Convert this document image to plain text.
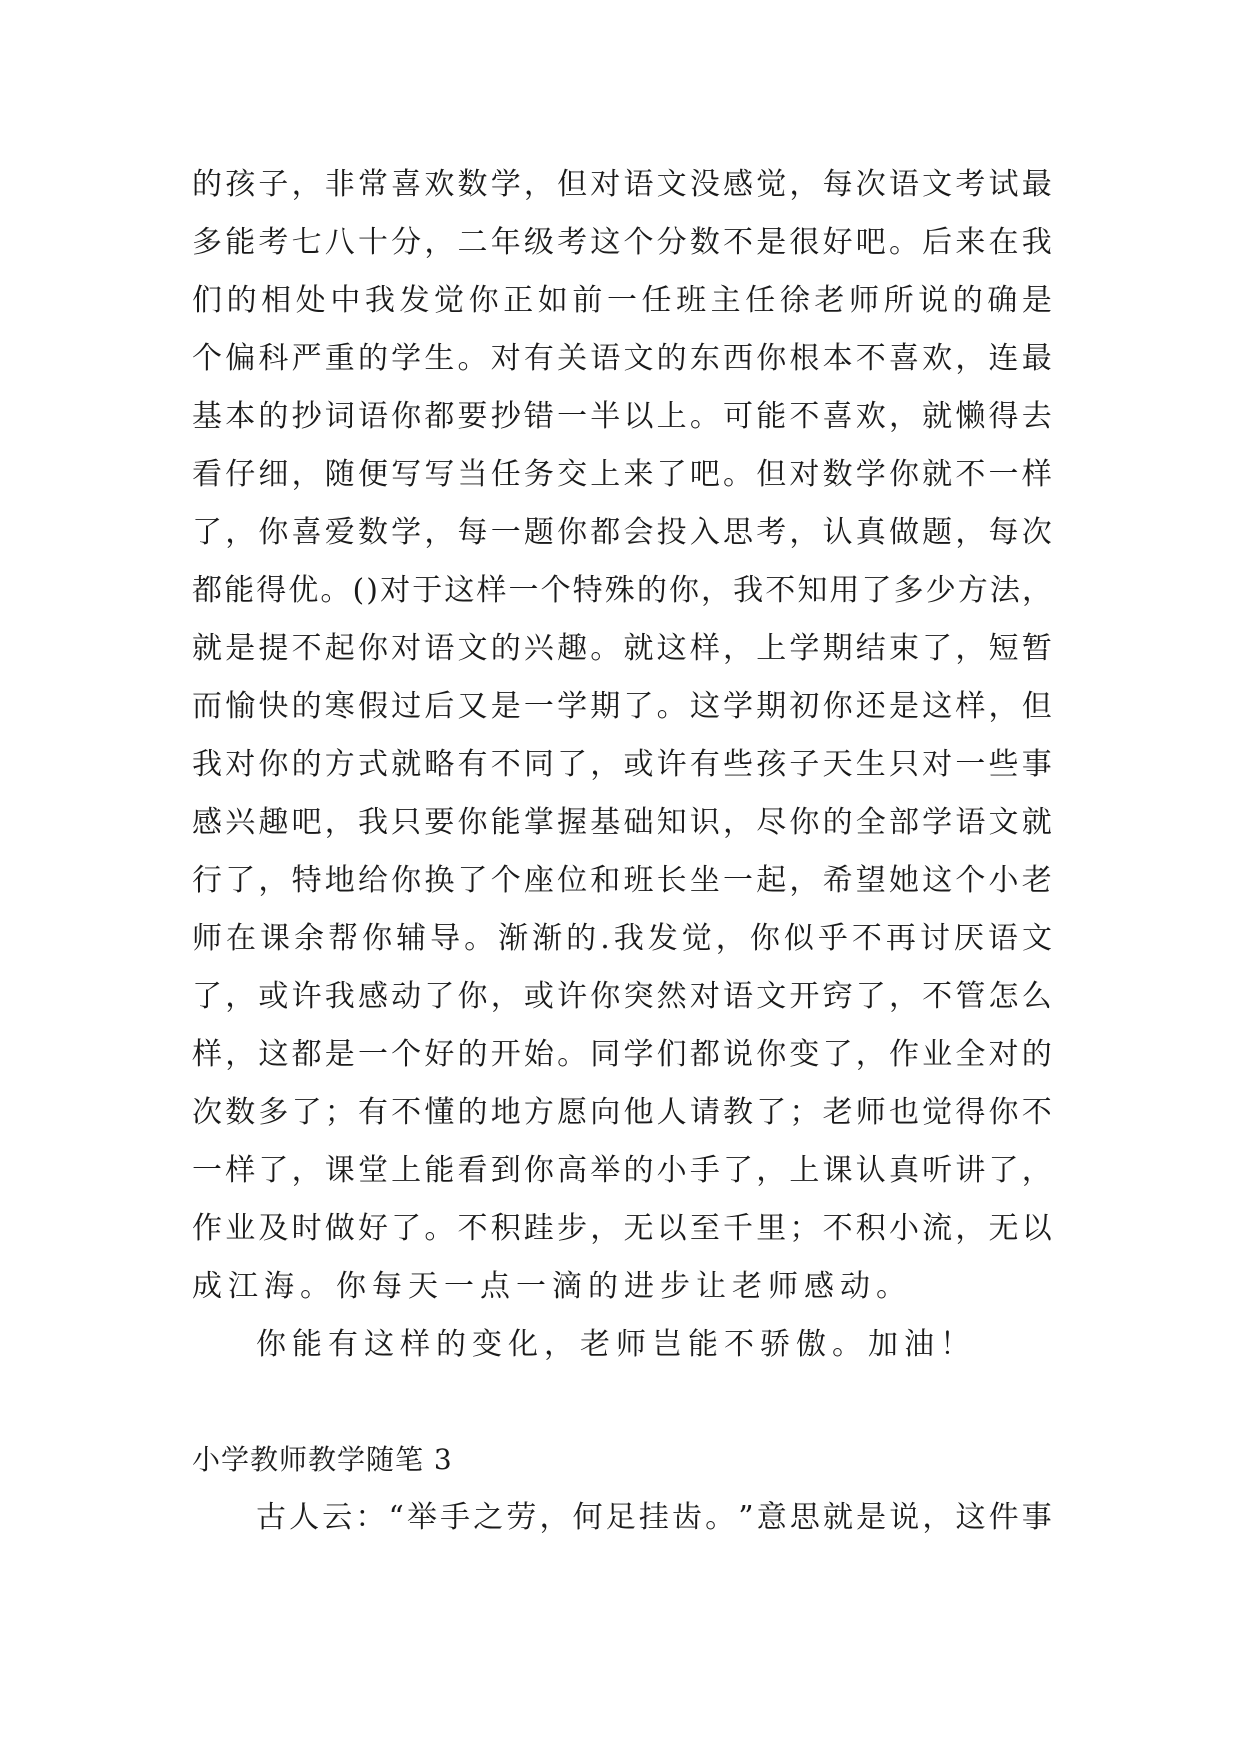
的 孩 子 ， 非 常 喜 欢 数 学 ， 但 对 语 文 没 感 觉 ， 每 次 语 文 考 试 最
多 能 考 七 八 十 分 ， 二 年 级 考 这 个 分 数 不 是 很 好 吧 。 后 来 在 我
们 的 相 处 中 我 发 觉 你 正 如 前 一 任 班 主 任 徐 老 师 所 说 的 确 是
个 偏 科 严 重 的 学 生 。 对 有 关 语 文 的 东 西 你 根 本 不 喜 欢 ， 连 最
基 本 的 抄 词 语 你 都 要 抄 错 一 半 以 上 。 可 能 不 喜 欢 ， 就 懒 得 去
看 仔 细 ， 随 便 写 写 当 任 务 交 上 来 了 吧 。 但 对 数 学 你 就 不 一 样
了 ， 你 喜 爱 数 学 ， 每 一 题 你 都 会 投 入 思 考 ， 认 真 做 题 ， 每 次
都 能 得 优 。 ( ) 对 于 这 样 一 个 特 殊 的 你 ， 我 不 知 用 了 多 少 方 法 ，
就 是 提 不 起 你 对 语 文 的 兴 趣 。 就 这 样 ， 上 学 期 结 束 了 ， 短 暂
而 愉 快 的 寒 假 过 后 又 是 一 学 期 了 。 这 学 期 初 你 还 是 这 样 ， 但
我 对 你 的 方 式 就 略 有 不 同 了 ， 或 许 有 些 孩 子 天 生 只 对 一 些 事
感 兴 趣 吧 ， 我 只 要 你 能 掌 握 基 础 知 识 ， 尽 你 的 全 部 学 语 文 就
行 了 ， 特 地 给 你 换 了 个 座 位 和 班 长 坐 一 起 ， 希 望 她 这 个 小 老
师 在 课 余 帮 你 辅 导 。 渐 渐 的 . 我 发 觉 ， 你 似 乎 不 再 讨 厌 语 文
了 ， 或 许 我 感 动 了 你 ， 或 许 你 突 然 对 语 文 开 窍 了 ， 不 管 怎 么
样 ， 这 都 是 一 个 好 的 开 始 。 同 学 们 都 说 你 变 了 ， 作 业 全 对 的
次 数 多 了 ； 有 不 懂 的 地 方 愿 向 他 人 请 教 了 ； 老 师 也 觉 得 你 不
一 样 了 ， 课 堂 上 能 看 到 你 高 举 的 小 手 了 ， 上 课 认 真 听 讲 了 ，
作 业 及 时 做 好 了 。 不 积 跬 步 ， 无 以 至 千 里 ； 不 积 小 流 ， 无 以
成江海。你每天一点一滴的进步让老师感动。
你能有这样的变化，老师岂能不骄傲。加油！
小学教师教学随笔 3
古 人 云 ： “ 举 手 之 劳 ， 何 足 挂 齿 。 ” 意 思 就 是 说 ， 这 件 事
